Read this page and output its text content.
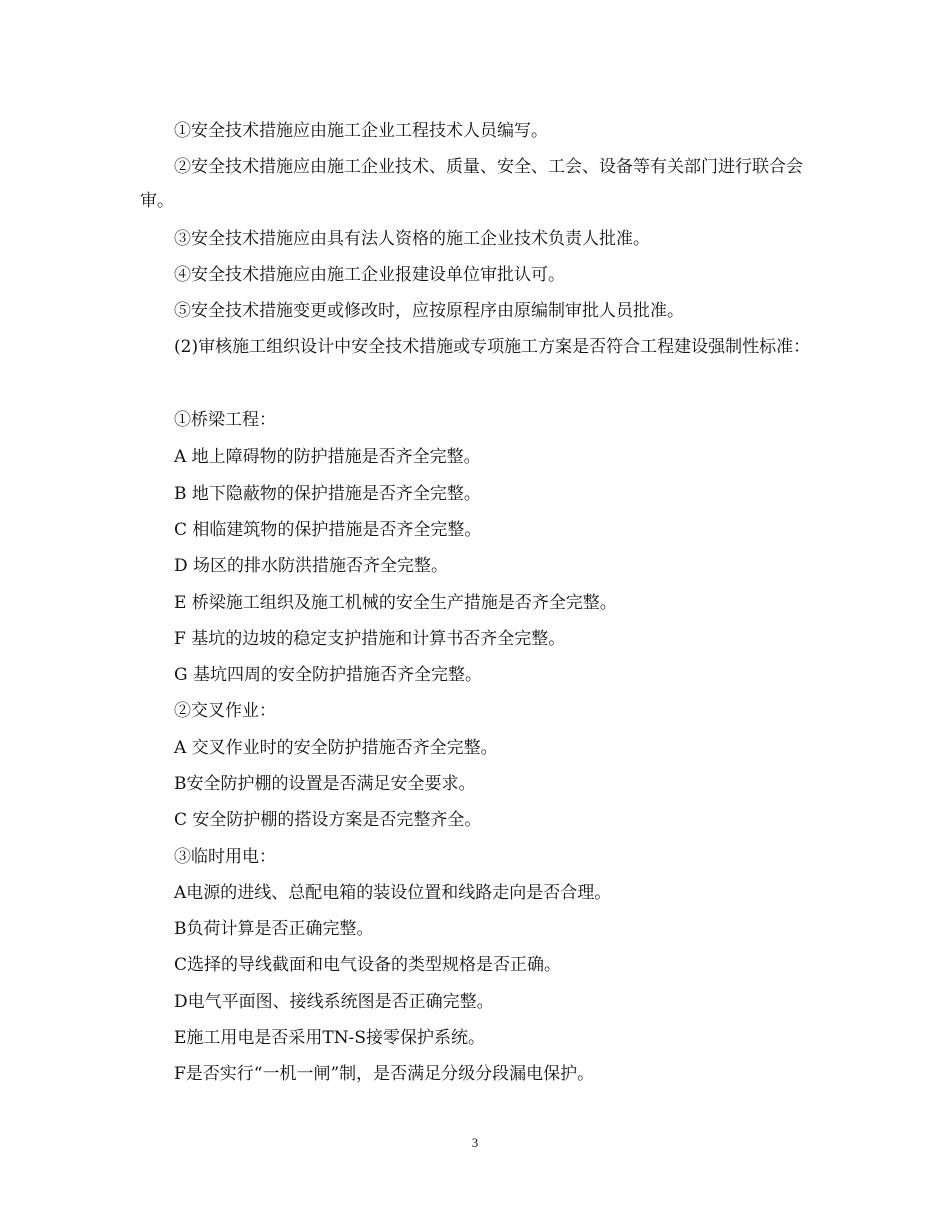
①安全技术措施应由施工企业工程技术人员编写。

②安全技术措施应由施工企业技术、质量、安全、工会、设备等有关部门进行联合会审。

③安全技术措施应由具有法人资格的施工企业技术负责人批准。

④安全技术措施应由施工企业报建设单位审批认可。

⑤安全技术措施变更或修改时，应按原程序由原编制审批人员批准。

(2)审核施工组织设计中安全技术措施或专项施工方案是否符合工程建设强制性标准：

①桥梁工程：

A 地上障碍物的防护措施是否齐全完整。

B 地下隐蔽物的保护措施是否齐全完整。

C 相临建筑物的保护措施是否齐全完整。

D 场区的排水防洪措施否齐全完整。

E 桥梁施工组织及施工机械的安全生产措施是否齐全完整。

F 基坑的边坡的稳定支护措施和计算书否齐全完整。

G 基坑四周的安全防护措施否齐全完整。

②交叉作业：

A 交叉作业时的安全防护措施否齐全完整。

B安全防护棚的设置是否满足安全要求。

C 安全防护棚的搭设方案是否完整齐全。

③临时用电：

A电源的进线、总配电箱的装设位置和线路走向是否合理。

B负荷计算是否正确完整。

C选择的导线截面和电气设备的类型规格是否正确。

D电气平面图、接线系统图是否正确完整。

E施工用电是否采用TN-S接零保护系统。

F是否实行“一机一闸”制，是否满足分级分段漏电保护。

3
